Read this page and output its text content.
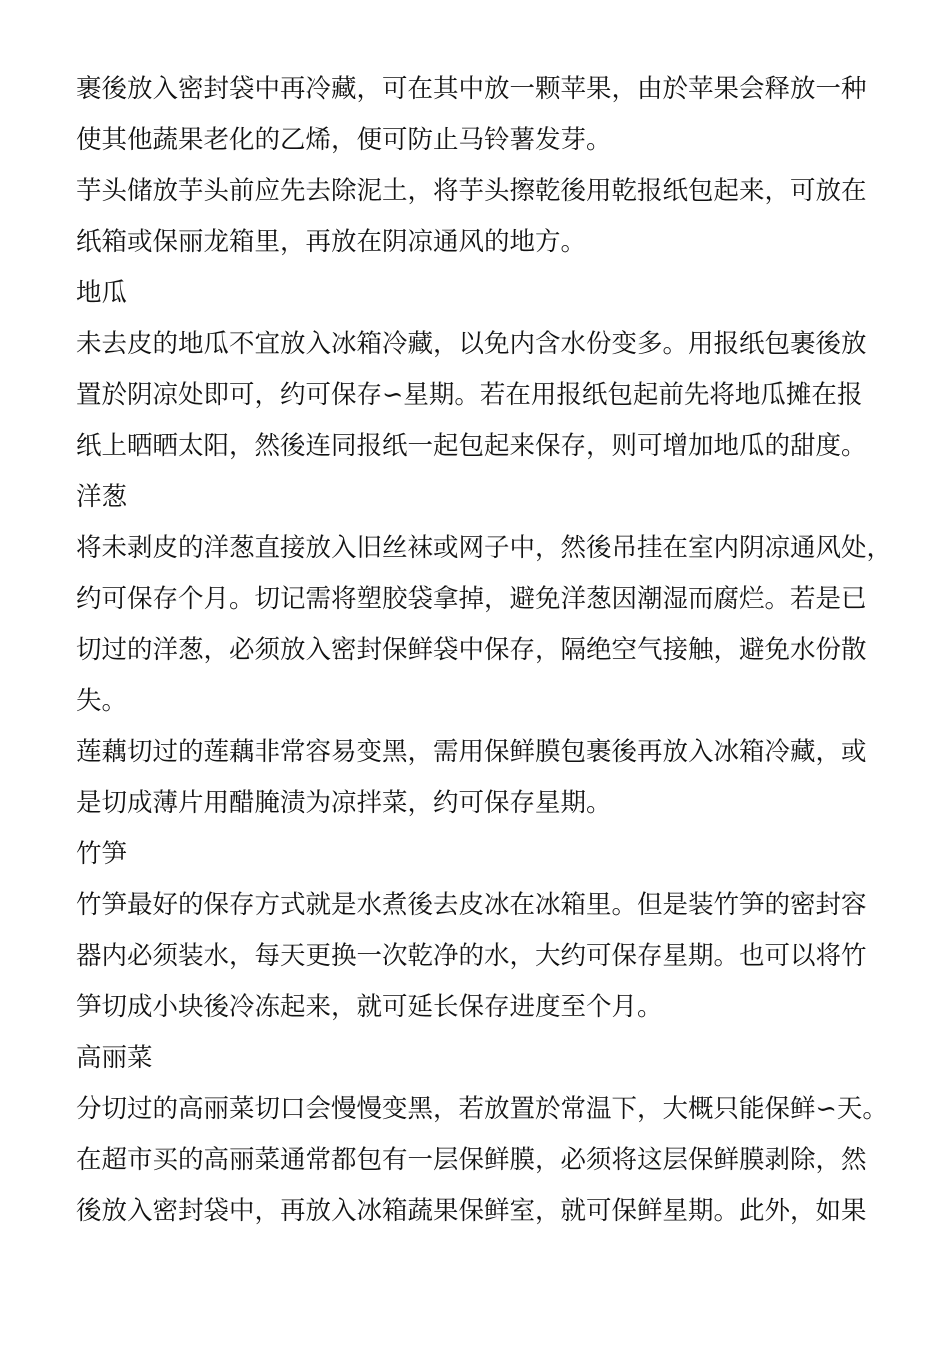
裹後放入密封袋中再冷藏，可在其中放一颗苹果，由於苹果会释放一种

使其他蔬果老化的乙烯，便可防止马铃薯发芽。

芋头储放芋头前应先去除泥土，将芋头擦乾後用乾报纸包起来，可放在

纸箱或保丽龙箱里，再放在阴凉通风的地方。

地瓜

未去皮的地瓜不宜放入冰箱冷藏，以免内含水份变多。用报纸包裹後放

置於阴凉处即可，约可保存∽星期。若在用报纸包起前先将地瓜摊在报

纸上晒晒太阳，然後连同报纸一起包起来保存，则可增加地瓜的甜度。

洋葱

将未剥皮的洋葱直接放入旧丝袜或网子中，然後吊挂在室内阴凉通风处，

约可保存个月。切记需将塑胶袋拿掉，避免洋葱因潮湿而腐烂。若是已

切过的洋葱，必须放入密封保鲜袋中保存，隔绝空气接触，避免水份散

失。

莲藕切过的莲藕非常容易变黑，需用保鲜膜包裹後再放入冰箱冷藏，或

是切成薄片用醋腌渍为凉拌菜，约可保存星期。

竹笋

竹笋最好的保存方式就是水煮後去皮冰在冰箱里。但是装竹笋的密封容

器内必须装水，每天更换一次乾净的水，大约可保存星期。也可以将竹

笋切成小块後冷冻起来，就可延长保存进度至个月。

高丽菜

分切过的高丽菜切口会慢慢变黑，若放置於常温下，大概只能保鲜∽天。

在超市买的高丽菜通常都包有一层保鲜膜，必须将这层保鲜膜剥除，然

後放入密封袋中，再放入冰箱蔬果保鲜室，就可保鲜星期。此外，如果
